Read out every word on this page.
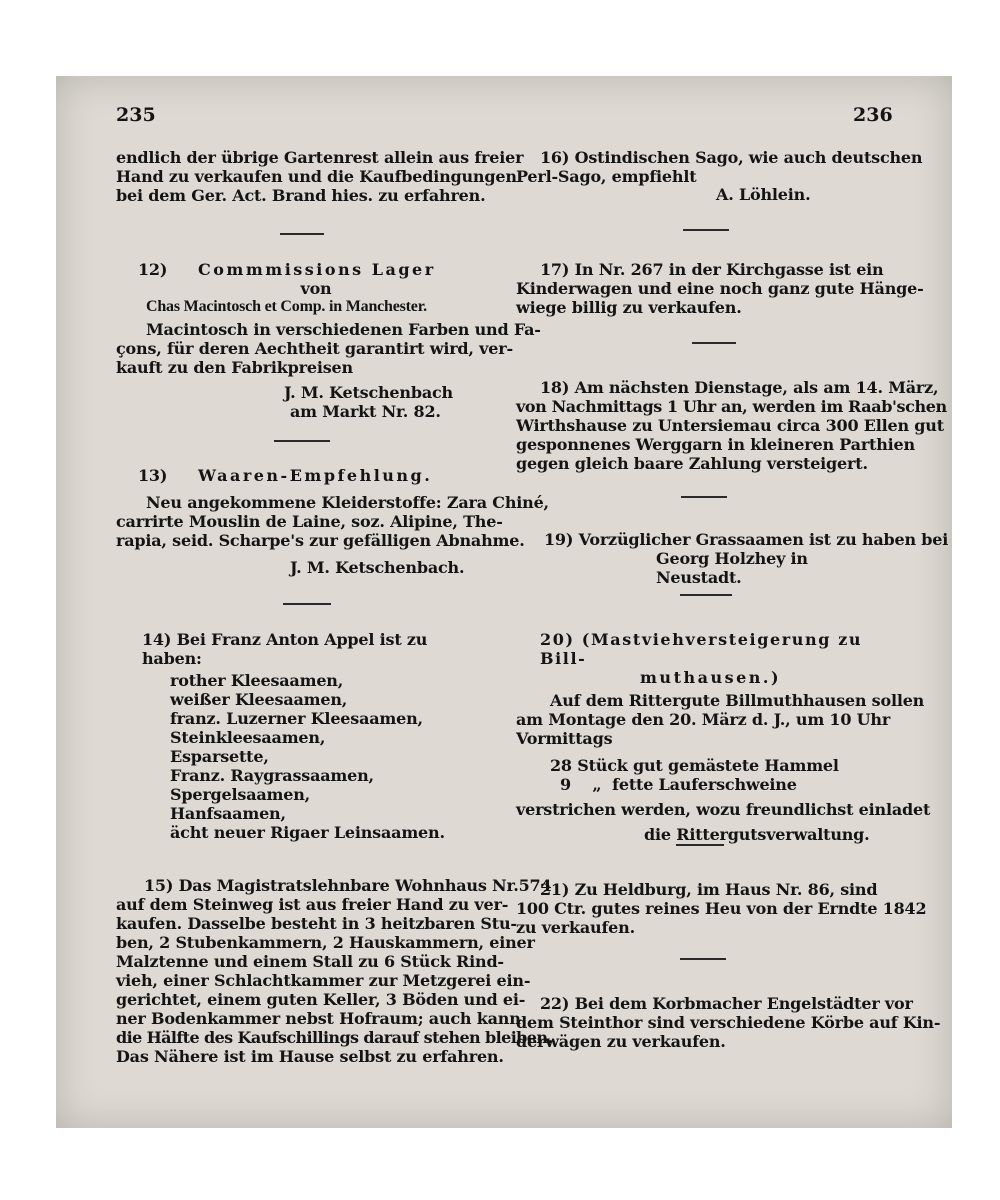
235	236
endlich der übrige Gartenrest allein aus freier
Hand zu verkaufen und die Kaufbedingungen
bei dem Ger. Act. Brand hies. zu erfahren.
12) Commmissions Lager
von
Chas Macintosch et Comp. in Manchester.
Macintosch in verschiedenen Farben und Fa-
çons, für deren Aechtheit garantirt wird, ver-
kauft zu den Fabrikpreisen
J. M. Ketschenbach
am Markt Nr. 82.
13) Waaren-Empfehlung.
Neu angekommene Kleiderstoffe: Zara Chiné,
carrirte Mouslin de Laine, soz. Alipine, The-
rapia, seid. Scharpe's zur gefälligen Abnahme.
J. M. Ketschenbach.
14) Bei Franz Anton Appel ist zu haben:
rother Kleesaamen,
weißer Kleesaamen,
franz. Luzerner Kleesaamen,
Steinkleesaamen,
Esparsette,
Franz. Raygrassaamen,
Spergelsaamen,
Hanfsaamen,
ächt neuer Rigaer Leinsaamen.
15) Das Magistratslehnbare Wohnhaus Nr.574
auf dem Steinweg ist aus freier Hand zu ver-
kaufen. Dasselbe besteht in 3 heitzbaren Stu-
ben, 2 Stubenkammern, 2 Hauskammern, einer
Malztenne und einem Stall zu 6 Stück Rind-
vieh, einer Schlachtkammer zur Metzgerei ein-
gerichtet, einem guten Keller, 3 Böden und ei-
ner Bodenkammer nebst Hofraum; auch kann
die Hälfte des Kaufschillings darauf stehen bleiben.
Das Nähere ist im Hause selbst zu erfahren.
16) Ostindischen Sago, wie auch deutschen
Perl-Sago, empfiehlt
A. Löhlein.
17) In Nr. 267 in der Kirchgasse ist ein
Kinderwagen und eine noch ganz gute Hänge-
wiege billig zu verkaufen.
18) Am nächsten Dienstage, als am 14. März,
von Nachmittags 1 Uhr an, werden im Raab'schen
Wirthshause zu Untersiemau circa 300 Ellen gut
gesponnenes Werggarn in kleineren Parthien
gegen gleich baare Zahlung versteigert.
19) Vorzüglicher Grassaamen ist zu haben bei
Georg Holzhey in Neustadt.
20) (Mastviehversteigerung zu Bill-
muthausen.)
Auf dem Rittergute Billmuthhausen sollen
am Montage den 20. März d. J., um 10 Uhr
Vormittags
28 Stück gut gemästete Hammel
9    „  fette Lauferschweine
verstrichen werden, wozu freundlichst einladet
die Rittergutsverwaltung.
21) Zu Heldburg, im Haus Nr. 86, sind
100 Ctr. gutes reines Heu von der Erndte 1842
zu verkaufen.
22) Bei dem Korbmacher Engelstädter vor
dem Steinthor sind verschiedene Körbe auf Kin-
derwägen zu verkaufen.
